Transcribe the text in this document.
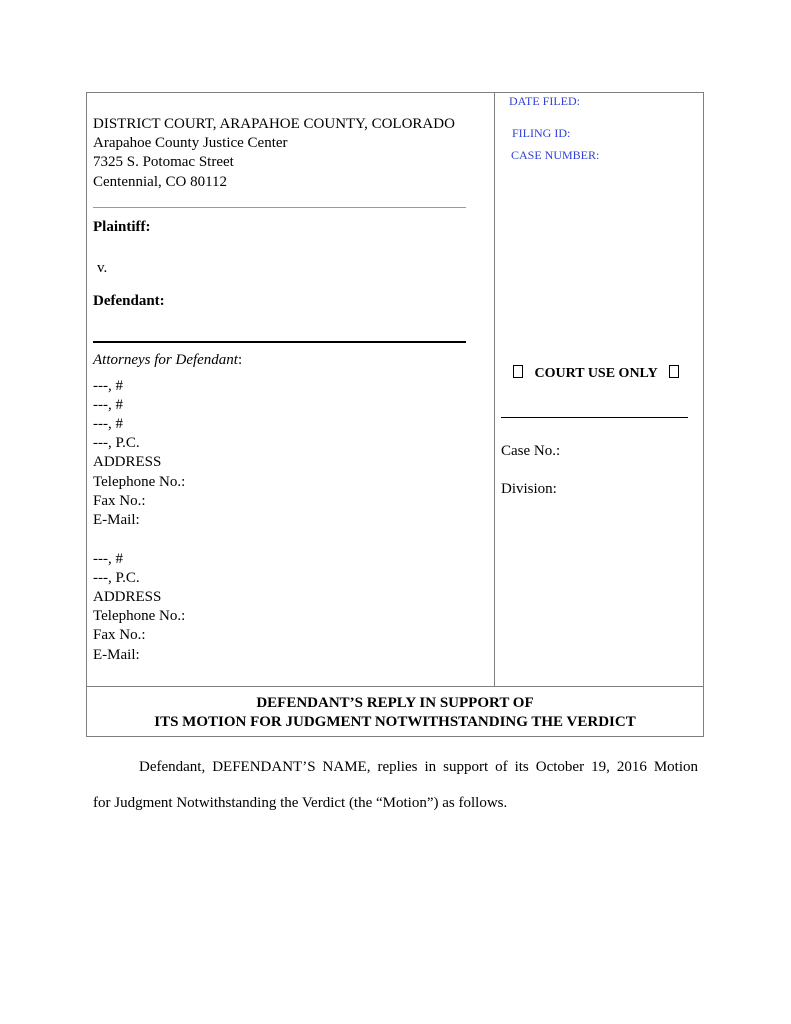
DISTRICT COURT, ARAPAHOE COUNTY, COLORADO
Arapahoe County Justice Center
7325 S. Potomac Street
Centennial, CO 80112
Plaintiff:
v.
Defendant:
Attorneys for Defendant:
---, #
---, #
---, #
---, P.C.
ADDRESS
Telephone No.:
Fax No.:
E-Mail:
---, #
---, P.C.
ADDRESS
Telephone No.:
Fax No.:
E-Mail:
DATE FILED:
FILING ID:
CASE NUMBER:
COURT USE ONLY
Case No.:
Division:
DEFENDANT’S REPLY IN SUPPORT OF
ITS MOTION FOR JUDGMENT NOTWITHSTANDING THE VERDICT
Defendant, DEFENDANT’S NAME, replies in support of its October 19, 2016 Motion
for Judgment Notwithstanding the Verdict (the “Motion”) as follows.
